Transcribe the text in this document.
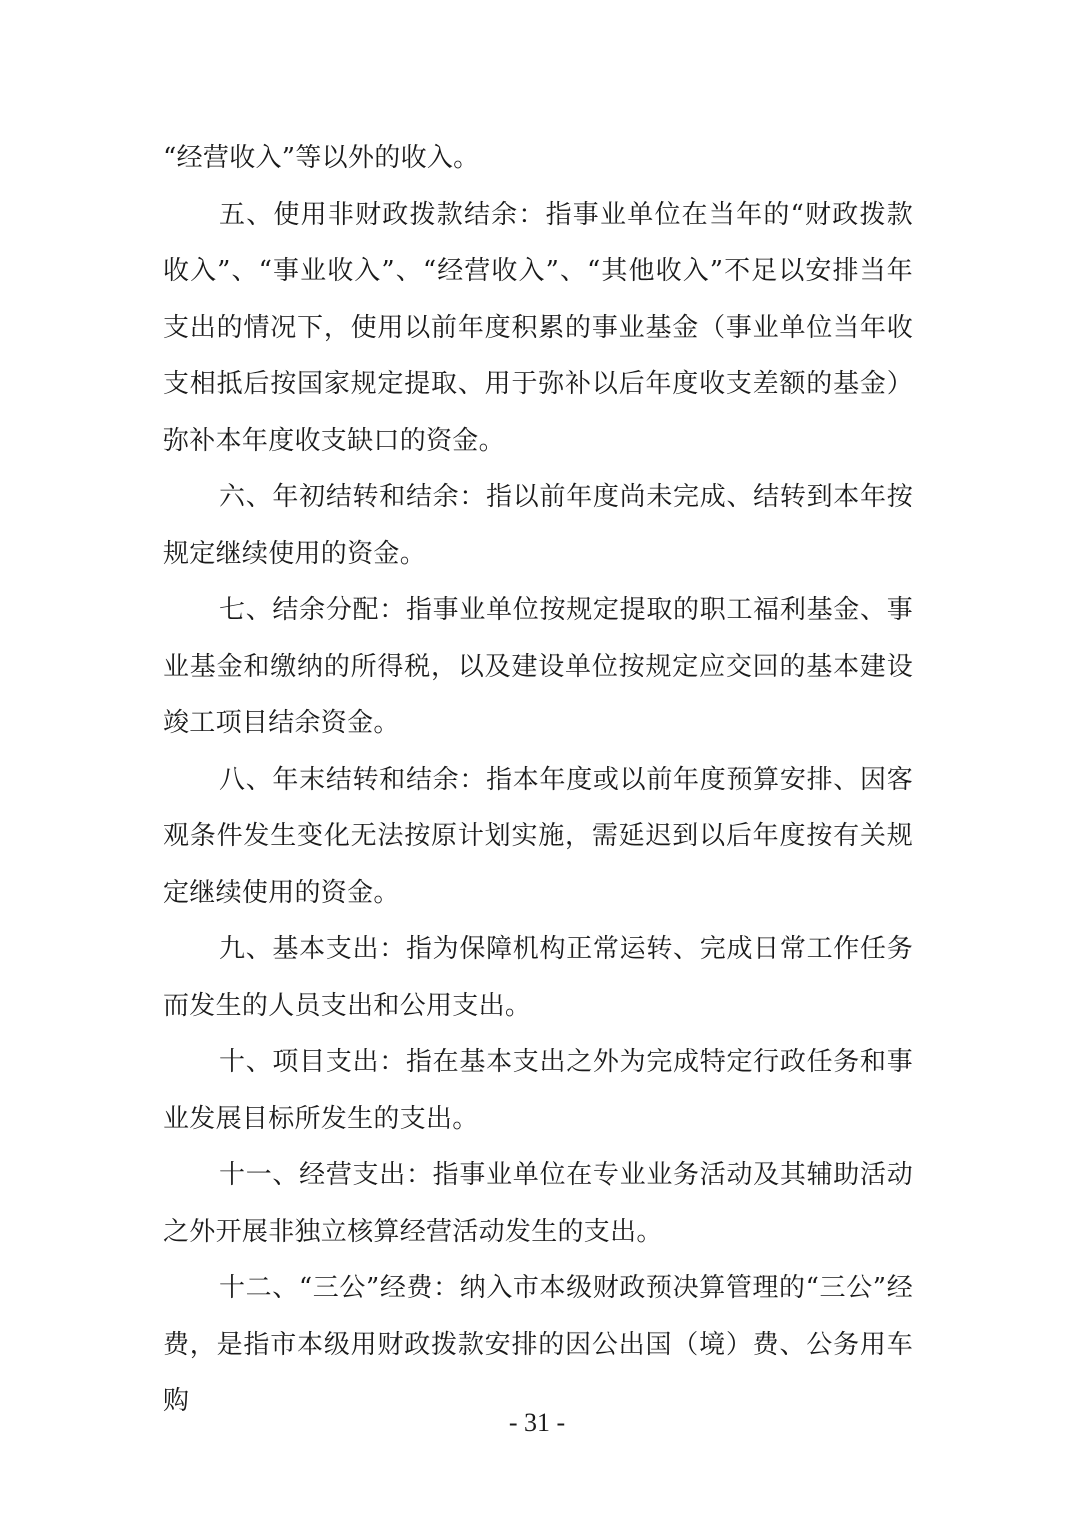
“经营收入”等以外的收入。

五、使用非财政拨款结余：指事业单位在当年的“财政拨款收入”、“事业收入”、“经营收入”、“其他收入”不足以安排当年支出的情况下，使用以前年度积累的事业基金（事业单位当年收支相抵后按国家规定提取、用于弥补以后年度收支差额的基金）弥补本年度收支缺口的资金。

六、年初结转和结余：指以前年度尚未完成、结转到本年按规定继续使用的资金。

七、结余分配：指事业单位按规定提取的职工福利基金、事业基金和缴纳的所得税，以及建设单位按规定应交回的基本建设竣工项目结余资金。

八、年末结转和结余：指本年度或以前年度预算安排、因客观条件发生变化无法按原计划实施，需延迟到以后年度按有关规定继续使用的资金。

九、基本支出：指为保障机构正常运转、完成日常工作任务而发生的人员支出和公用支出。

十、项目支出：指在基本支出之外为完成特定行政任务和事业发展目标所发生的支出。

十一、经营支出：指事业单位在专业业务活动及其辅助活动之外开展非独立核算经营活动发生的支出。

十二、“三公”经费：纳入市本级财政预决算管理的“三公”经费，是指市本级用财政拨款安排的因公出国（境）费、公务用车购

- 31 -
